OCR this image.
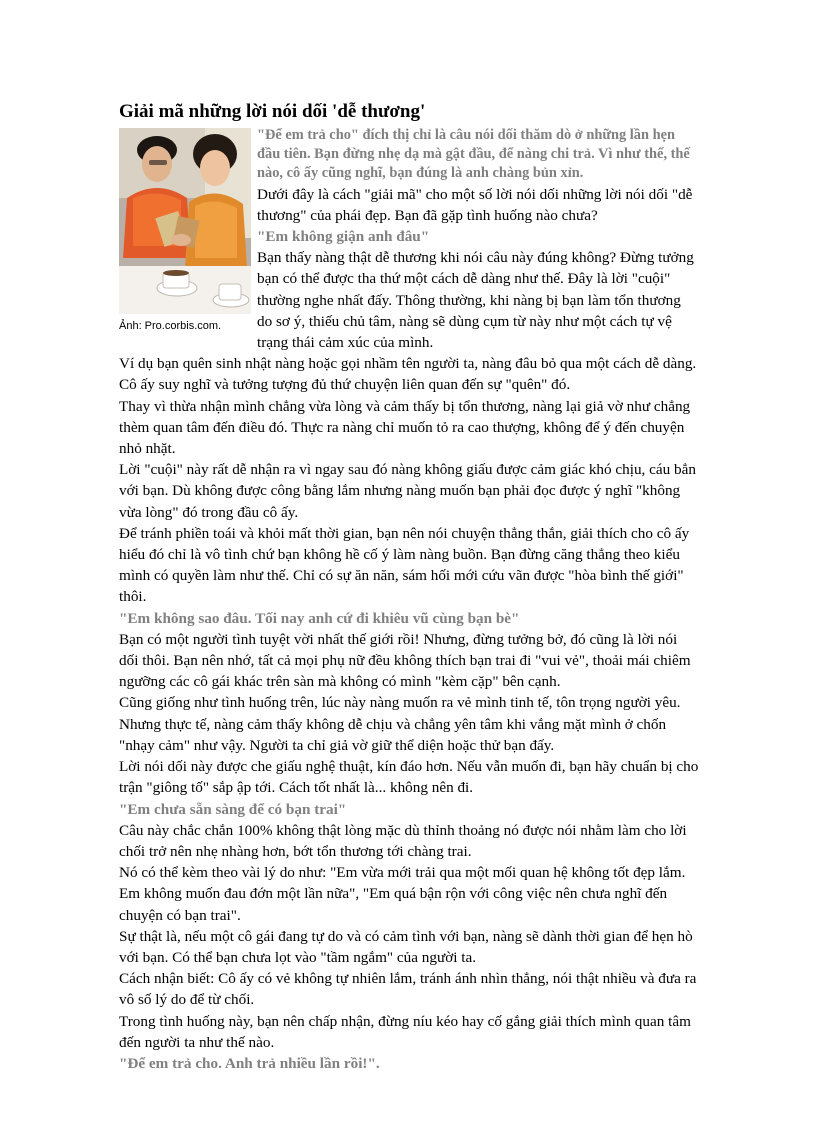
Giải mã những lời nói dối 'dễ thương'
Ảnh: Pro.corbis.com.

"Để em trả cho" đích thị chỉ là câu nói dối thăm dò ở những lần hẹn đầu tiên. Bạn đừng nhẹ dạ mà gật đầu, để nàng chi trả. Vì như thế, thế nào, cô ấy cũng nghĩ, bạn đúng là anh chàng bủn xỉn.

Dưới đây là cách "giải mã" cho một số lời nói dối những lời nói dối "dễ thương" của phái đẹp. Bạn đã gặp tình huống nào chưa?

"Em không giận anh đâu"

Bạn thấy nàng thật dễ thương khi nói câu này đúng không? Đừng tưởng bạn có thể được tha thứ một cách dễ dàng như thế. Đây là lời "cuội" thường nghe nhất đấy. Thông thường, khi nàng bị bạn làm tổn thương do sơ ý, thiếu chủ tâm, nàng sẽ dùng cụm từ này như một cách tự vệ trạng thái cảm xúc của mình.

Ví dụ bạn quên sinh nhật nàng hoặc gọi nhầm tên người ta, nàng đâu bỏ qua một cách dễ dàng. Cô ấy suy nghĩ và tưởng tượng đủ thứ chuyện liên quan đến sự "quên" đó.

Thay vì thừa nhận mình chẳng vừa lòng và cảm thấy bị tổn thương, nàng lại giả vờ như chẳng thèm quan tâm đến điều đó. Thực ra nàng chỉ muốn tỏ ra cao thượng, không để ý đến chuyện nhỏ nhặt.

Lời "cuội" này rất dễ nhận ra vì ngay sau đó nàng không giấu được cảm giác khó chịu, cáu bẳn với bạn. Dù không được công bằng lắm nhưng nàng muốn bạn phải đọc được ý nghĩ "không vừa lòng" đó trong đầu cô ấy.

Để tránh phiền toái và khỏi mất thời gian, bạn nên nói chuyện thẳng thắn, giải thích cho cô ấy hiểu đó chỉ là vô tình chứ bạn không hề cố ý làm nàng buồn. Bạn đừng căng thẳng theo kiểu mình có quyền làm như thế. Chỉ có sự ăn năn, sám hối mới cứu vãn được "hòa bình thế giới" thôi.

"Em không sao đâu. Tối nay anh cứ đi khiêu vũ cùng bạn bè"

Bạn có một người tình tuyệt vời nhất thế giới rồi! Nhưng, đừng tưởng bở, đó cũng là lời nói dối thôi. Bạn nên nhớ, tất cả mọi phụ nữ đều không thích bạn trai đi "vui vẻ", thoải mái chiêm ngưỡng các cô gái khác trên sàn mà không có mình "kèm cặp" bên cạnh.

Cũng giống như tình huống trên, lúc này nàng muốn ra vẻ mình tinh tế, tôn trọng người yêu. Nhưng thực tế, nàng cảm thấy không dễ chịu và chẳng yên tâm khi vắng mặt mình ở chốn "nhạy cảm" như vậy. Người ta chỉ giả vờ giữ thể diện hoặc thử bạn đấy.

Lời nói dối này được che giấu nghệ thuật, kín đáo hơn. Nếu vẫn muốn đi, bạn hãy chuẩn bị cho trận "giông tố" sắp ập tới. Cách tốt nhất là... không nên đi.

"Em chưa sẵn sàng để có bạn trai"

Câu này chắc chắn 100% không thật lòng mặc dù thỉnh thoảng nó được nói nhằm làm cho lời chối trở nên nhẹ nhàng hơn, bớt tổn thương tới chàng trai.

Nó có thể kèm theo vài lý do như: "Em vừa mới trải qua một mối quan hệ không tốt đẹp lắm. Em không muốn đau đớn một lần nữa", "Em quá bận rộn với công việc nên chưa nghĩ đến chuyện có bạn trai".

Sự thật là, nếu một cô gái đang tự do và có cảm tình với bạn, nàng sẽ dành thời gian để hẹn hò với bạn. Có thể bạn chưa lọt vào "tầm ngắm" của người ta.

Cách nhận biết: Cô ấy có vẻ không tự nhiên lắm, tránh ánh nhìn thẳng, nói thật nhiều và đưa ra vô số lý do để từ chối.

Trong tình huống này, bạn nên chấp nhận, đừng níu kéo hay cố gắng giải thích mình quan tâm đến người ta như thế nào.

"Để em trả cho. Anh trả nhiều lần rồi!".
